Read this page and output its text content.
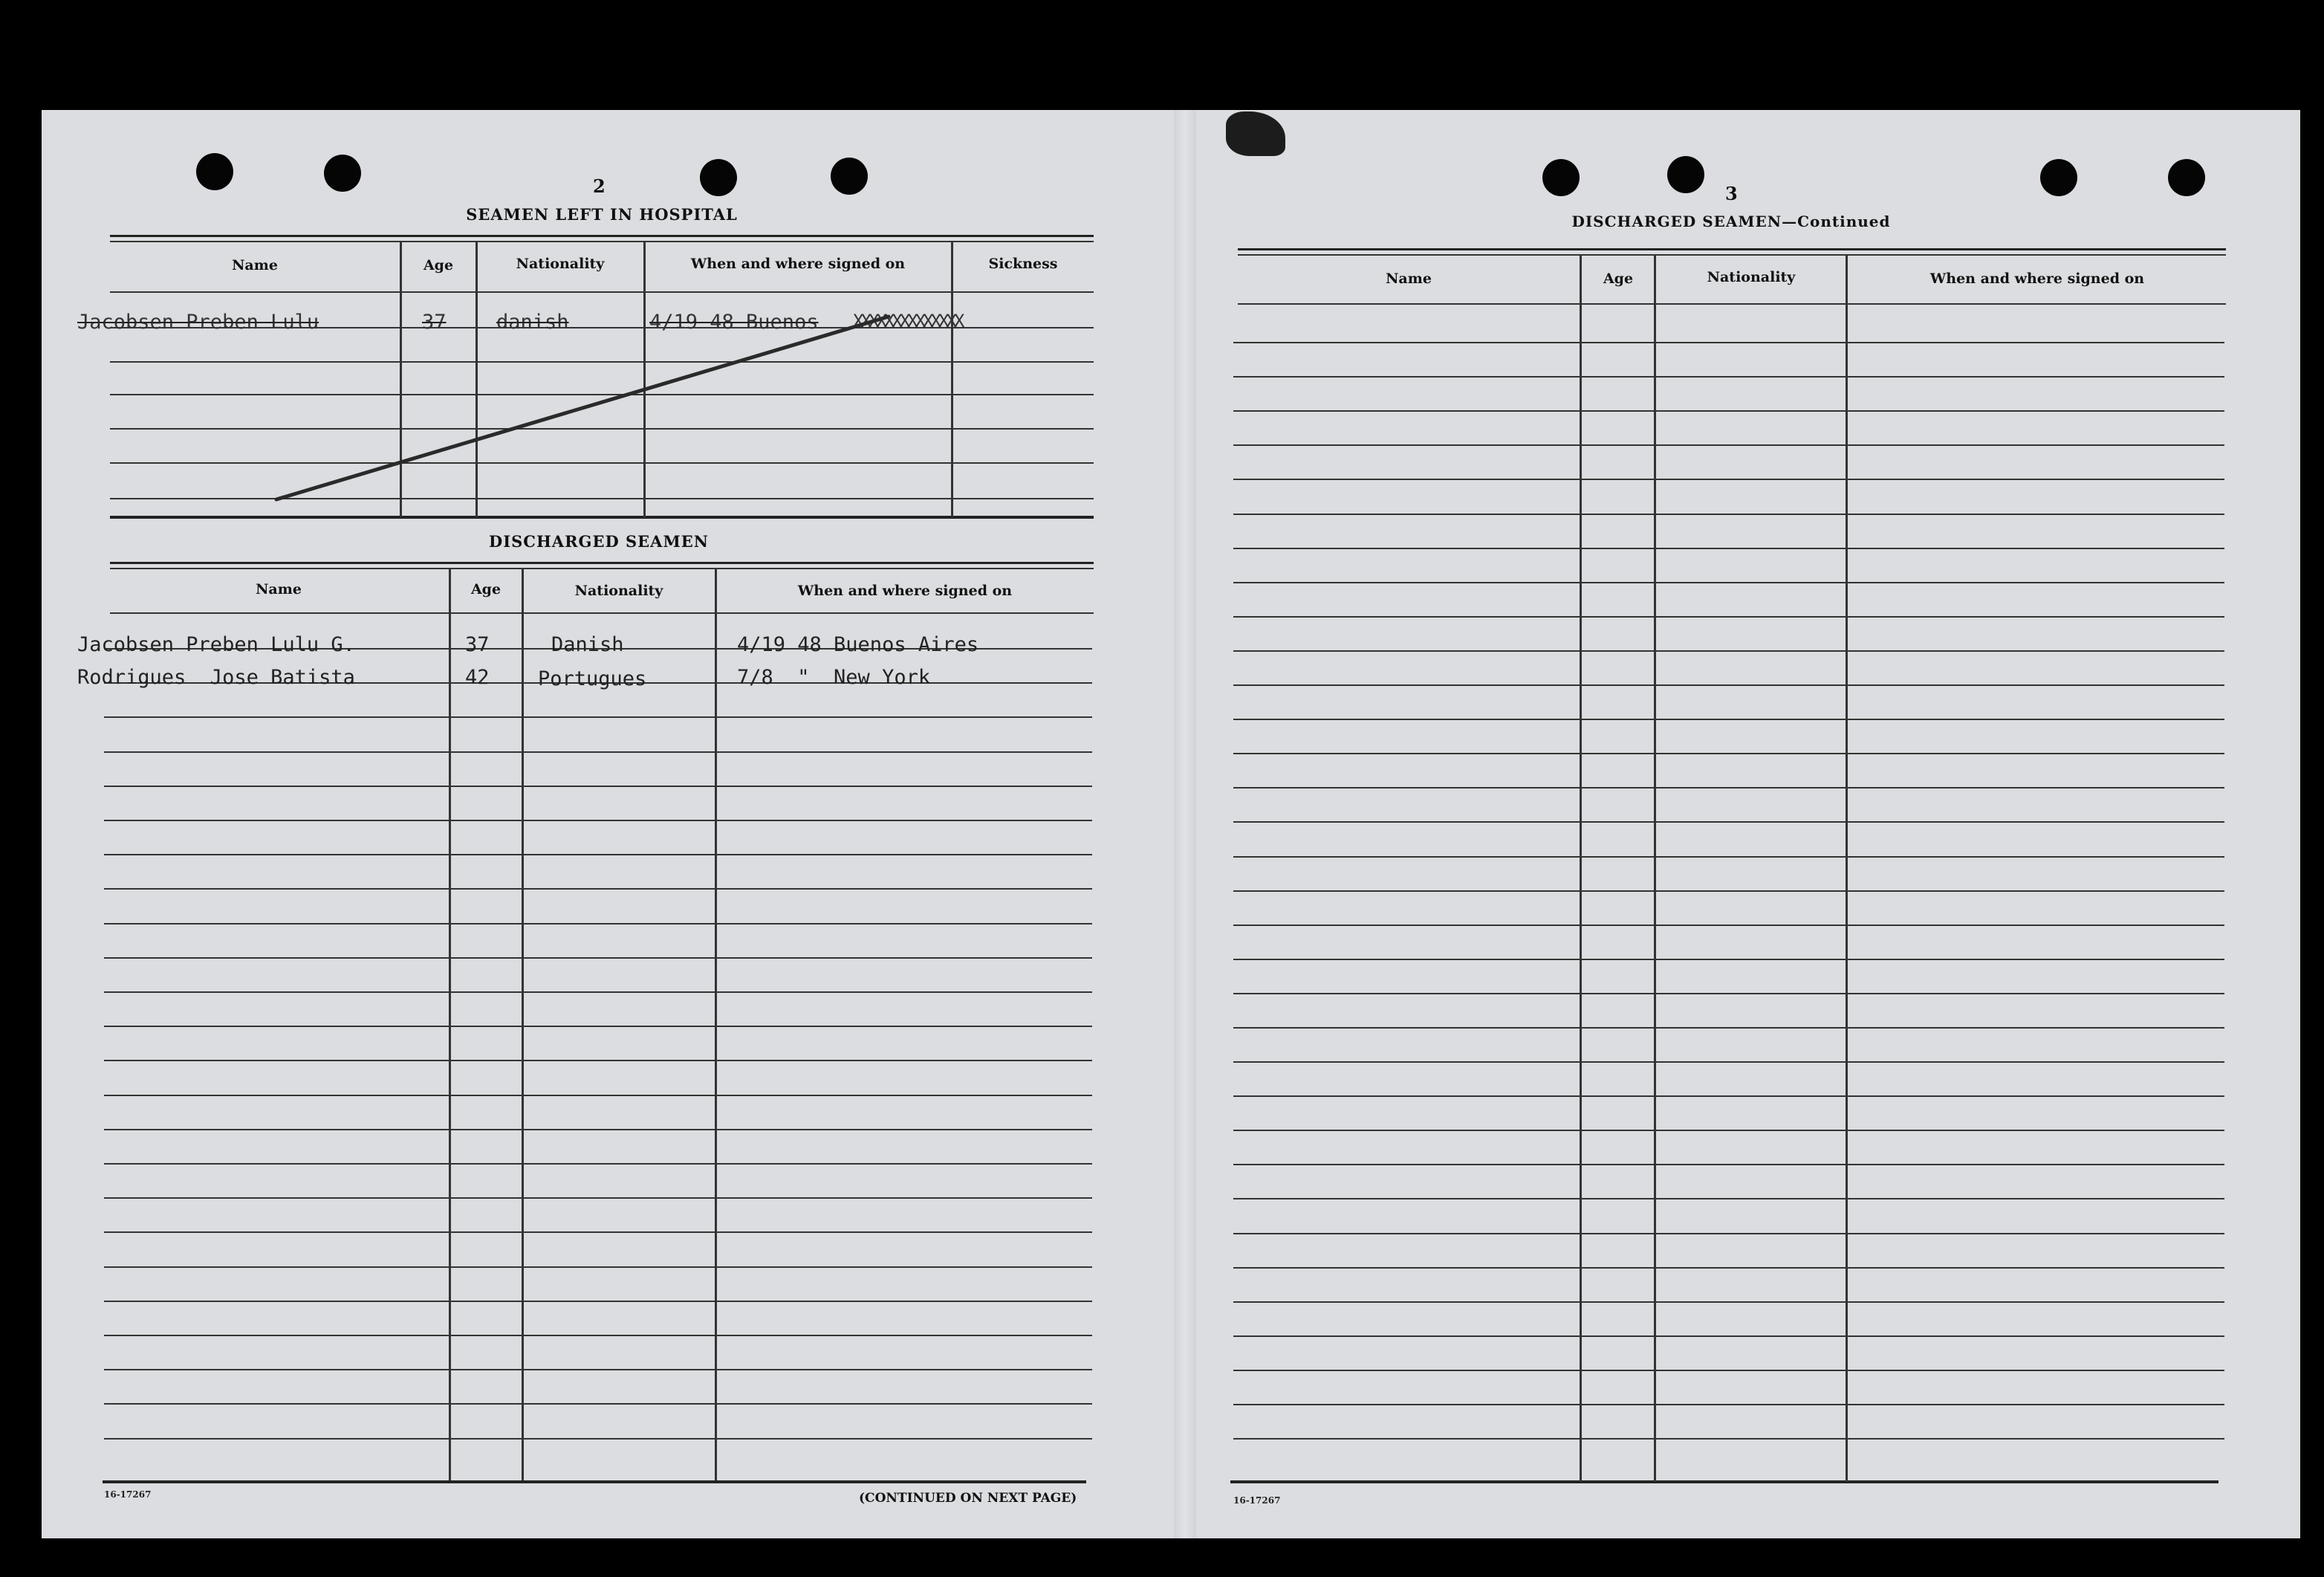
2
SEAMEN LEFT IN HOSPITAL
Name	Age	Nationality	When and where signed on	Sickness
Jacobsen Preben Lulu	37 danish	4/19 48 Buenos XXXXXXXXXXXXXX
DISCHARGED SEAMEN
Name	Age	Nationality	When and where signed on
Jacobsen Preben Lulu G.	37	Danish	4/19 48 Buenos Aires
Rodrigues  Jose Batista	42 Portugues	7/8  "  New York
16-17267	(CONTINUED ON NEXT PAGE)
3
DISCHARGED SEAMEN—Continued
Name	Age	Nationality	When and where signed on
16-17267
